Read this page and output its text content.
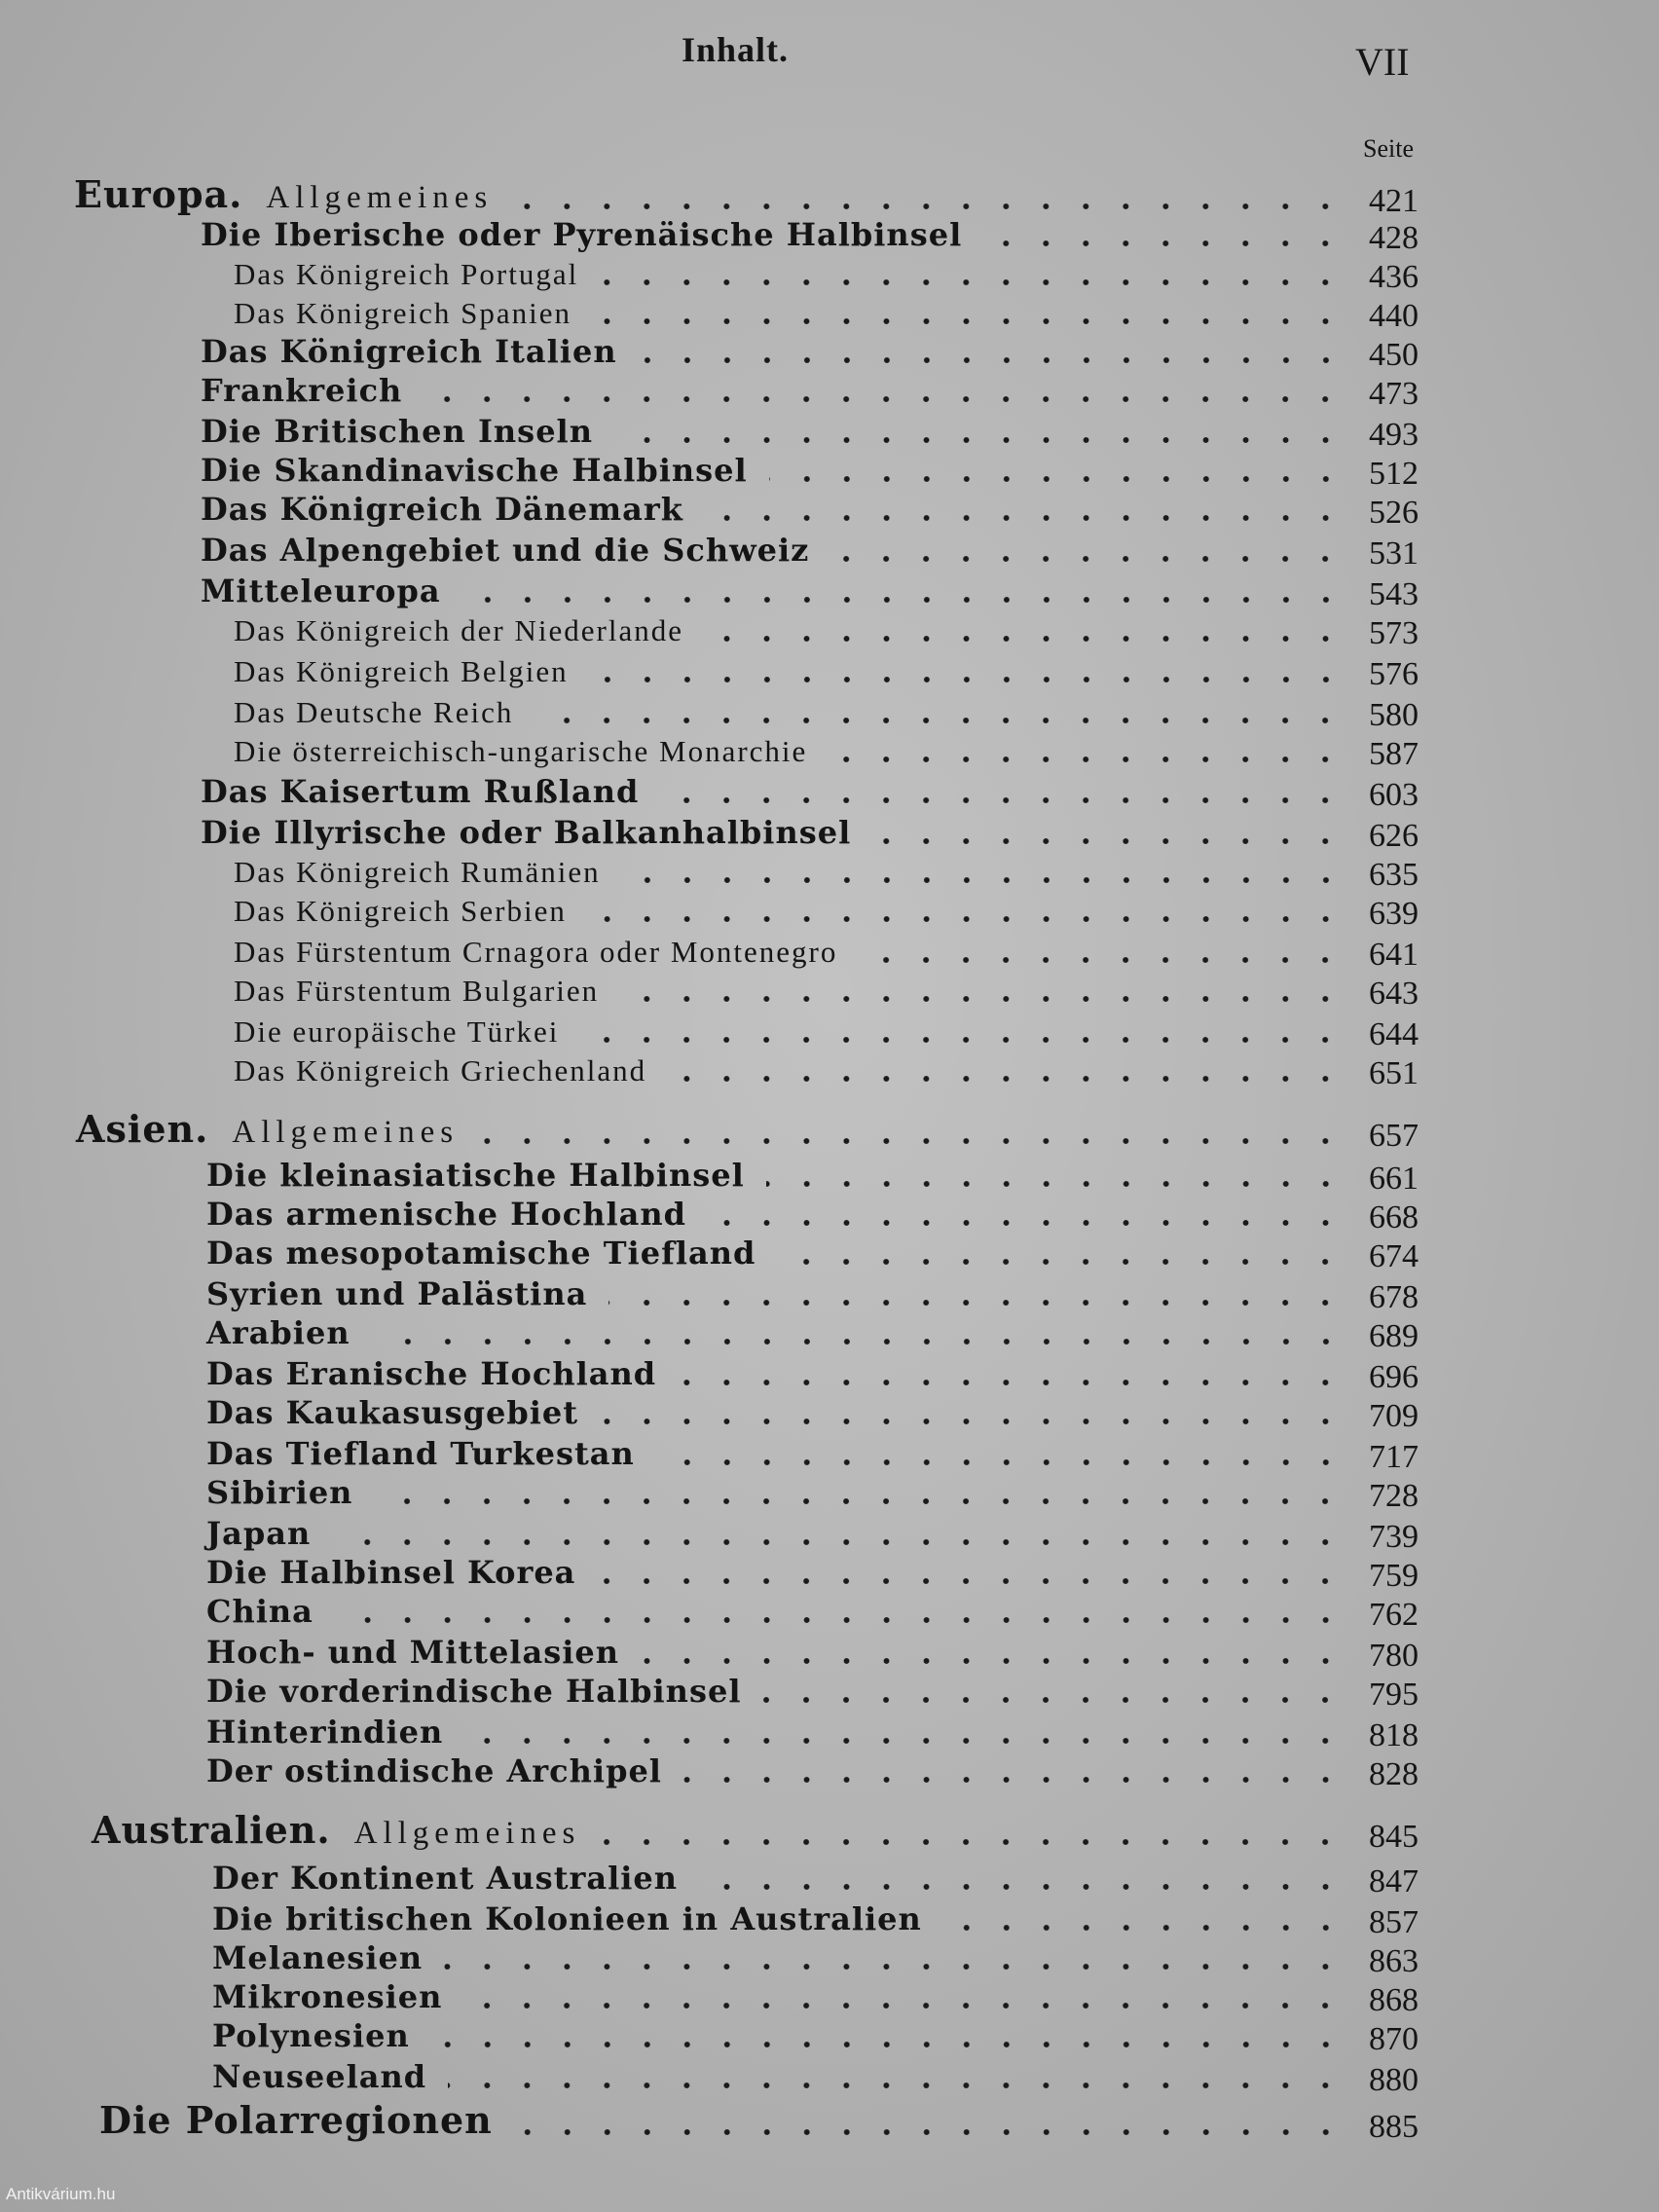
Inhalt.	VII
Seite
Europa. Allgemeines	421
Die Iberische oder Pyrenäische Halbinsel	428
Das Königreich Portugal	436
Das Königreich Spanien	440
Das Königreich Italien	450
Frankreich	473
Die Britischen Inseln	493
Die Skandinavische Halbinsel	512
Das Königreich Dänemark	526
Das Alpengebiet und die Schweiz	531
Mitteleuropa	543
Das Königreich der Niederlande	573
Das Königreich Belgien	576
Das Deutsche Reich	580
Die österreichisch-ungarische Monarchie	587
Das Kaisertum Rußland	603
Die Illyrische oder Balkanhalbinsel	626
Das Königreich Rumänien	635
Das Königreich Serbien	639
Das Fürstentum Crnagora oder Montenegro	641
Das Fürstentum Bulgarien	643
Die europäische Türkei	644
Das Königreich Griechenland	651
Asien. Allgemeines	657
Die kleinasiatische Halbinsel	661
Das armenische Hochland	668
Das mesopotamische Tiefland	674
Syrien und Palästina	678
Arabien	689
Das Eranische Hochland	696
Das Kaukasusgebiet	709
Das Tiefland Turkestan	717
Sibirien	728
Japan	739
Die Halbinsel Korea	759
China	762
Hoch- und Mittelasien	780
Die vorderindische Halbinsel	795
Hinterindien	818
Der ostindische Archipel	828
Australien. Allgemeines	845
Der Kontinent Australien	847
Die britischen Kolonieen in Australien	857
Melanesien	863
Mikronesien	868
Polynesien	870
Neuseeland	880
Die Polarregionen	885
Antikvárium.hu
